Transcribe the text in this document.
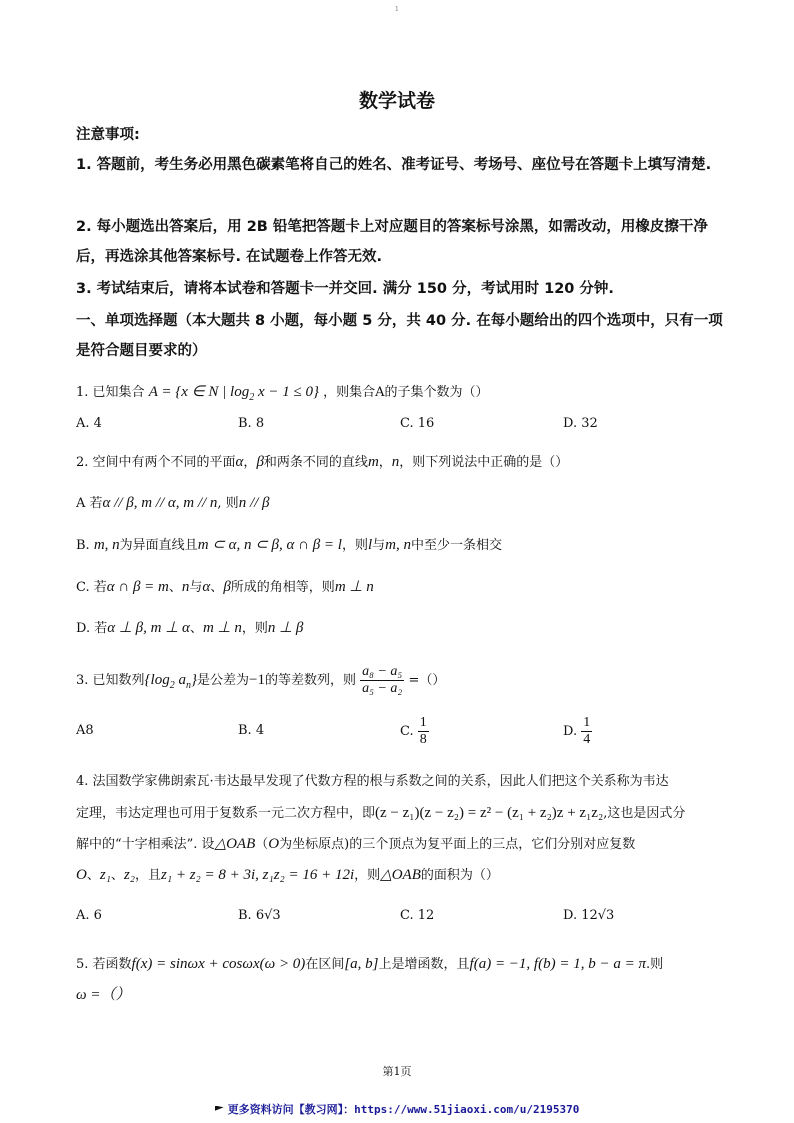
1
数学试卷
注意事项:
1. 答题前，考生务必用黑色碳素笔将自己的姓名、准考证号、考场号、座位号在答题卡上填写清楚.
2. 每小题选出答案后，用 2B 铅笔把答题卡上对应题目的答案标号涂黑，如需改动，用橡皮擦干净后，再选涂其他答案标号. 在试题卷上作答无效.
3. 考试结束后，请将本试卷和答题卡一并交回. 满分 150 分，考试用时 120 分钟.
一、单项选择题（本大题共 8 小题，每小题 5 分，共 40 分. 在每小题给出的四个选项中，只有一项是符合题目要求的）
1. 已知集合 A = {x ∈ N | $\log_2 x - 1 \le 0$} ，则集合A的子集个数为（）
A. 4	B. 8	C. 16	D. 32
2. 空间中有两个不同的平面α，β和两条不同的直线m，n，则下列说法中正确的是（）
A 若α // β, m // α, m // n, 则n // β
B. m, n为异面直线且m ⊂ α, n ⊂ β, α ∩ β = l，则l与m, n中至少一条相交
C. 若α ∩ β = m、n与α、β所成的角相等，则m ⊥ n
D. 若α ⊥ β, m ⊥ α、m ⊥ n，则n ⊥ β
3. 已知数列{$\log_2$ $a_n$}是公差为−1的等差数列，则 $\frac{\text{a₈ − a₅}}{\text{a₅ − a₂}}$ =（）
A8	B. 4	C. $\frac{1}{8}$	D. $\frac{1}{4}$
4. 法国数学家佛朗索瓦·韦达最早发现了代数方程的根与系数之间的关系，因此人们把这个关系称为韦达
定理，韦达定理也可用于复数系一元二次方程中，即(z − z₁)(z − z₂) = z² − (z₁ + z₂)z + z₁z₂,这也是因式分
解中的“十字相乘法”. 设△OAB（O为坐标原点)的三个顶点为复平面上的三点，它们分别对应复数
O、z₁、z₂，且z₁ + z₂ = 8 + 3i, z₁z₂ = 16 + 12i，则△OAB的面积为（）
A. 6	B. 6√3	C. 12	D. 12√3
5. 若函数f(x) = sinωx + cosωx(ω > 0)在区间[a, b]上是增函数，且f(a) = −1, f(b) = 1, b − a = π.则
ω =（）
第1页
更多资料访问【教习网】：https://www.51jiaoxi.com/u/2195370
